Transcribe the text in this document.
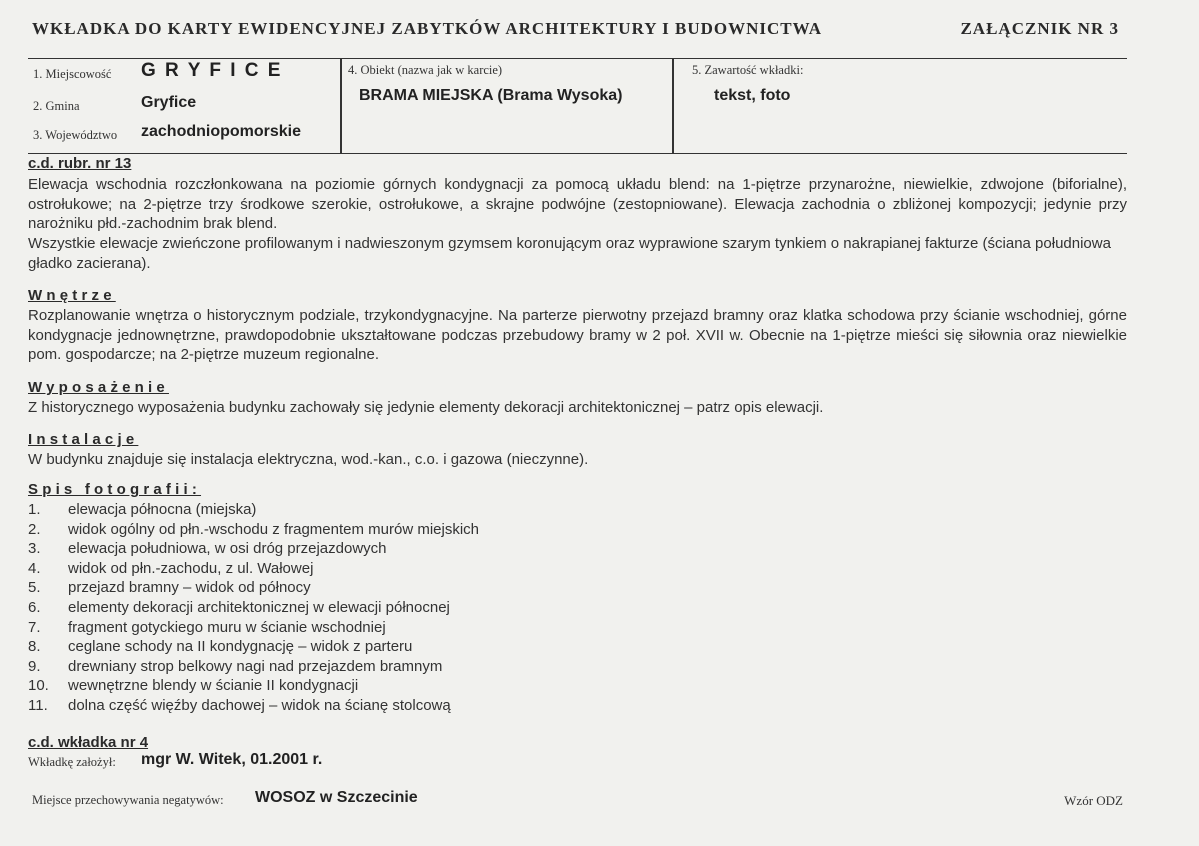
WKŁADKA DO KARTY EWIDENCYJNEJ ZABYTKÓW ARCHITEKTURY I BUDOWNICTWA	ZAŁĄCZNIK NR 3
1. Miejscowość G R Y F I C E
2. Gmina	Gryfice
3. Województwo zachodniopomorskie
4. Obiekt (nazwa jak w karcie)
BRAMA MIEJSKA (Brama Wysoka)
5. Zawartość wkładki:
tekst, foto
c.d. rubr. nr 13
Elewacja wschodnia rozczłonkowana na poziomie górnych kondygnacji za pomocą układu blend: na 1-piętrze przynarożne, niewielkie, zdwojone (biforialne), ostrołukowe; na 2-piętrze trzy środkowe szerokie, ostrołukowe, a skrajne podwójne (zestopniowane). Elewacja zachodnia o zbliżonej kompozycji; jedynie przy narożniku płd.-zachodnim brak blend.
Wszystkie elewacje zwieńczone profilowanym i nadwieszonym gzymsem koronującym oraz wyprawione szarym tynkiem o nakrapianej fakturze (ściana południowa gładko zacierana).
Wnętrze
Rozplanowanie wnętrza o historycznym podziale, trzykondygnacyjne. Na parterze pierwotny przejazd bramny oraz klatka schodowa przy ścianie wschodniej, górne kondygnacje jednownętrzne, prawdopodobnie ukształtowane podczas przebudowy bramy w 2 poł. XVII w. Obecnie na 1-piętrze mieści się siłownia oraz niewielkie pom. gospodarcze; na 2-piętrze muzeum regionalne.
Wyposażenie
Z historycznego wyposażenia budynku zachowały się jedynie elementy dekoracji architektonicznej – patrz opis elewacji.
Instalacje
W budynku znajduje się instalacja elektryczna, wod.-kan., c.o. i gazowa (nieczynne).
Spis fotografii:
1. elewacja północna (miejska)
2. widok ogólny od płn.-wschodu z fragmentem murów miejskich
3. elewacja południowa, w osi dróg przejazdowych
4. widok od płn.-zachodu, z ul. Wałowej
5. przejazd bramny – widok od północy
6. elementy dekoracji architektonicznej w elewacji północnej
7. fragment gotyckiego muru w ścianie wschodniej
8. ceglane schody na II kondygnację – widok z parteru
9. drewniany strop belkowy nagi nad przejazdem bramnym
10. wewnętrzne blendy w ścianie II kondygnacji
11. dolna część więźby dachowej – widok na ścianę stolcową
c.d. wkładka nr 4
Wkładkę założył: mgr W. Witek, 01.2001 r.
Miejsce przechowywania negatywów: WOSOZ w Szczecinie	Wzór ODZ
